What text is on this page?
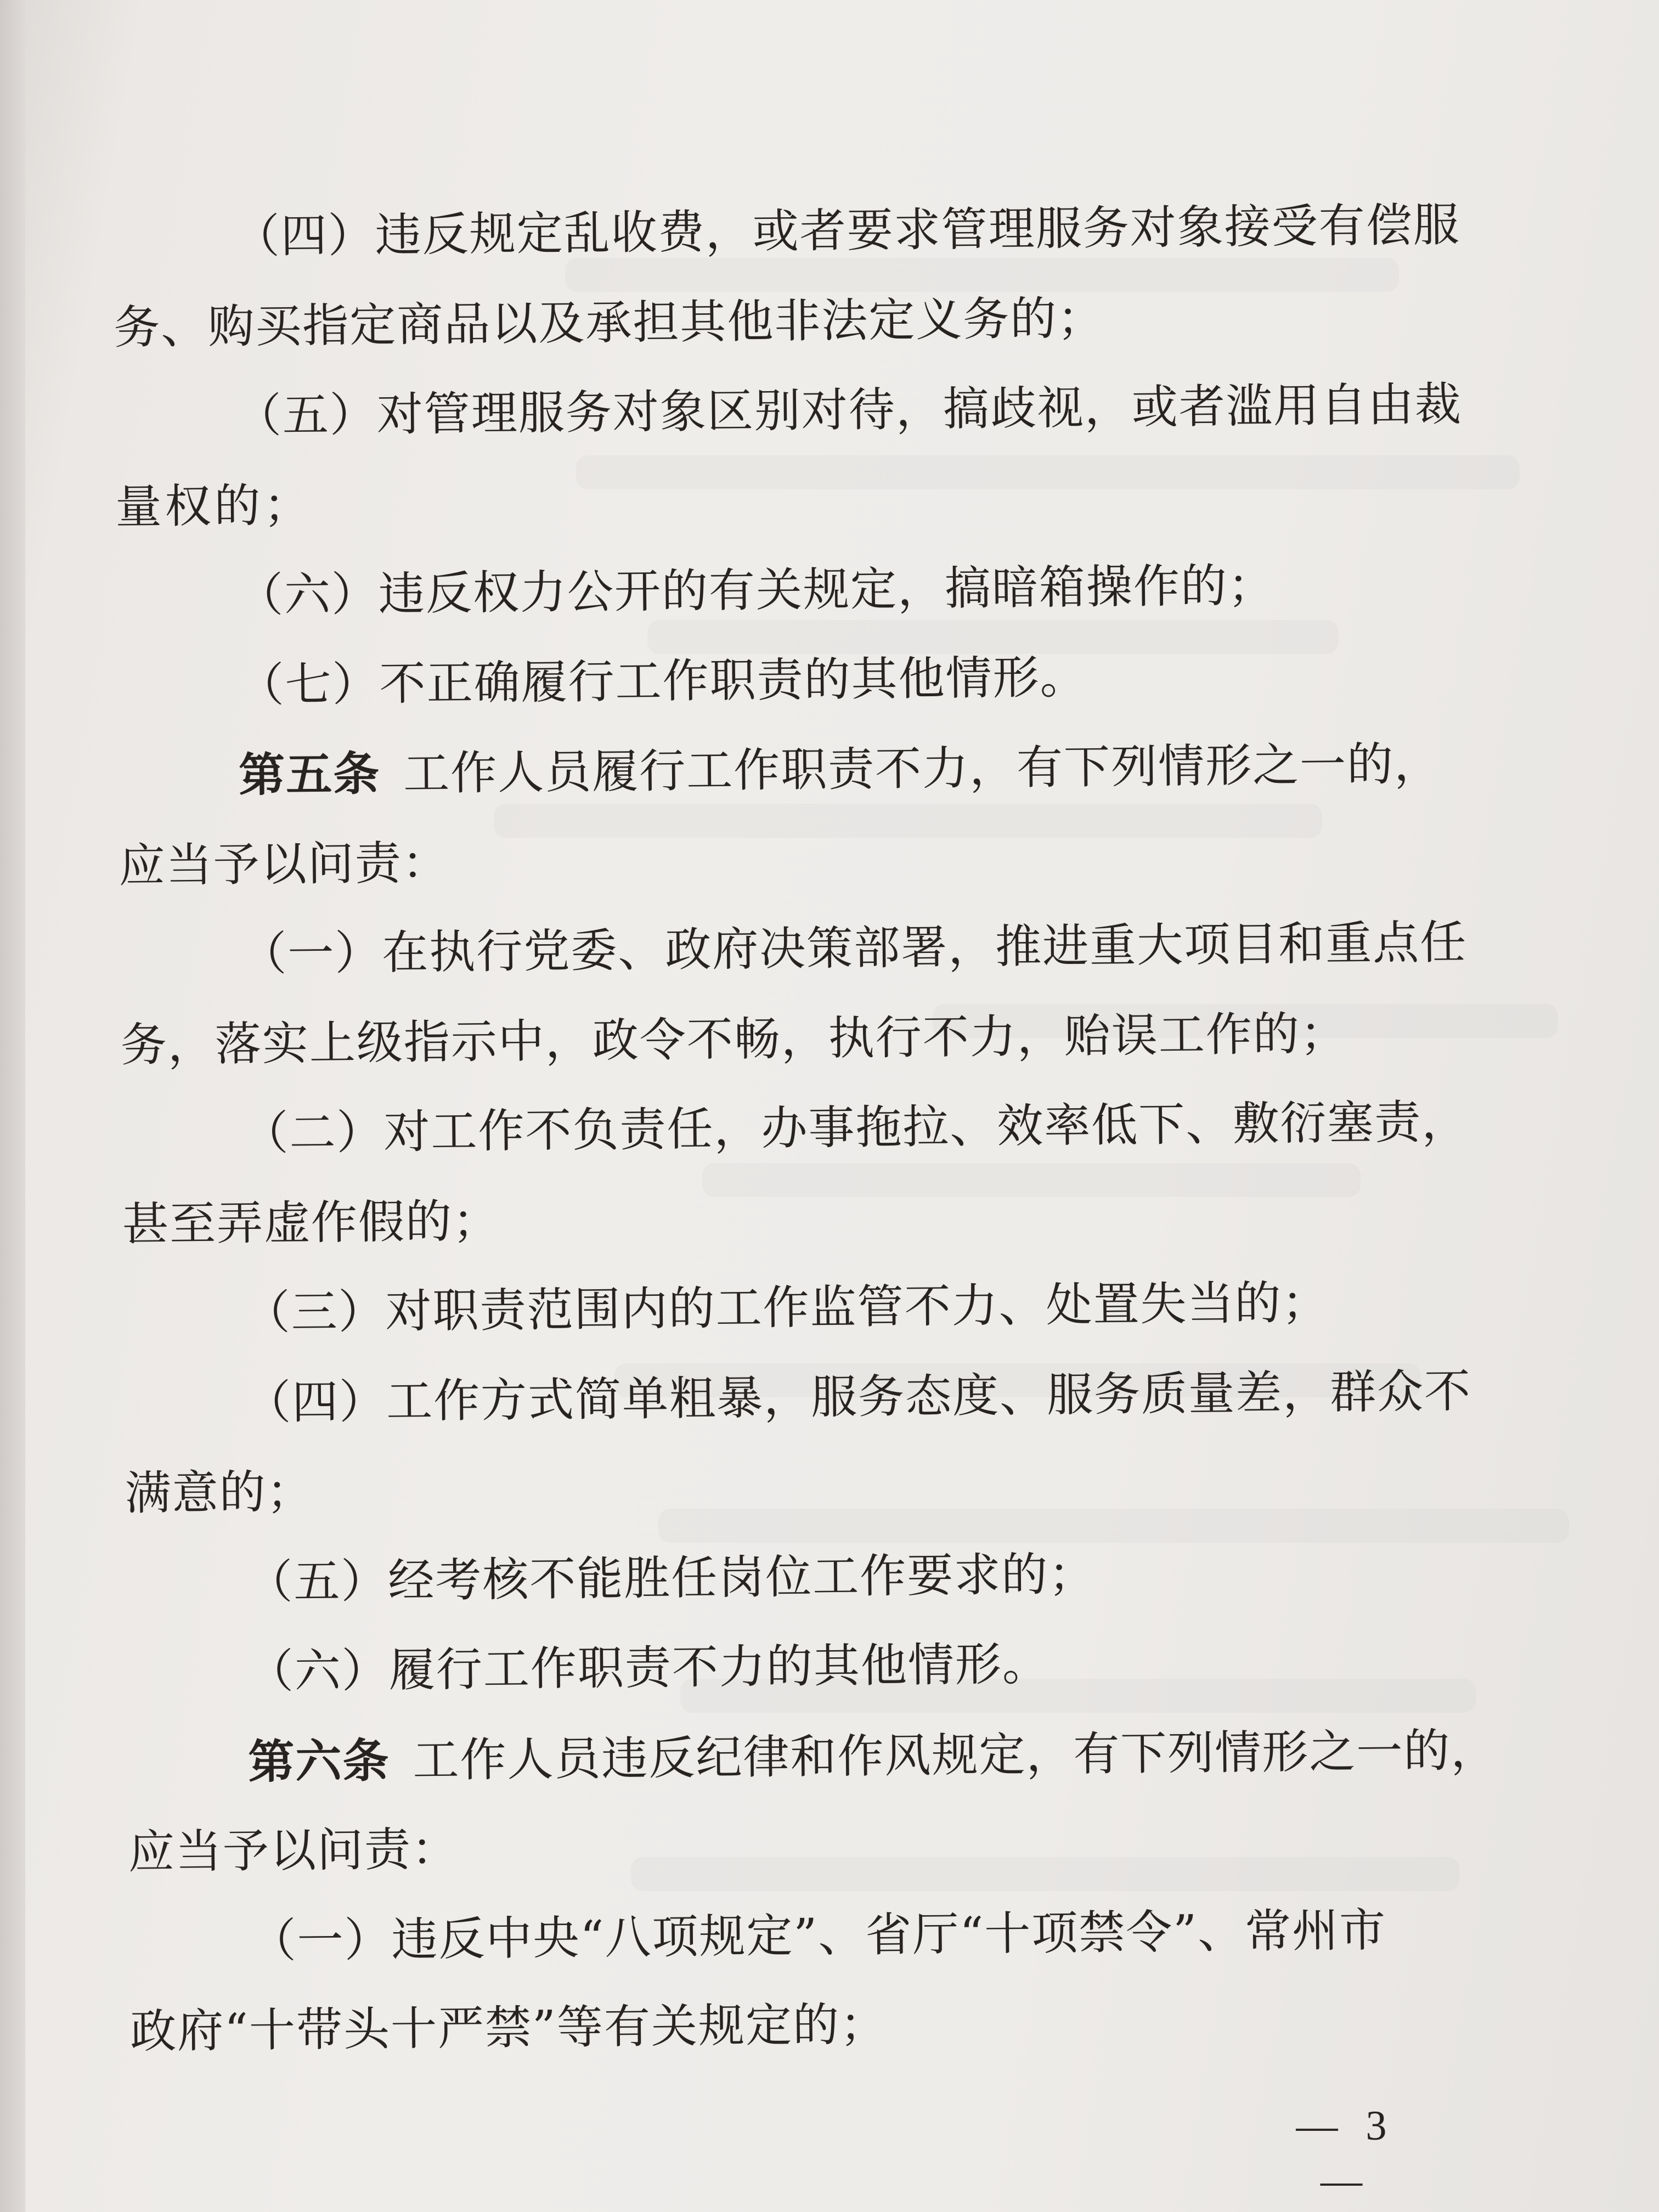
（四）违反规定乱收费，或者要求管理服务对象接受有偿服
务、购买指定商品以及承担其他非法定义务的；
（五）对管理服务对象区别对待，搞歧视，或者滥用自由裁
量权的；
（六）违反权力公开的有关规定，搞暗箱操作的；
（七）不正确履行工作职责的其他情形。
第五条 工作人员履行工作职责不力，有下列情形之一的，
应当予以问责：
（一）在执行党委、政府决策部署，推进重大项目和重点任
务，落实上级指示中，政令不畅，执行不力，贻误工作的；
（二）对工作不负责任，办事拖拉、效率低下、敷衍塞责，
甚至弄虚作假的；
（三）对职责范围内的工作监管不力、处置失当的；
（四）工作方式简单粗暴，服务态度、服务质量差，群众不
满意的；
（五）经考核不能胜任岗位工作要求的；
（六）履行工作职责不力的其他情形。
第六条 工作人员违反纪律和作风规定，有下列情形之一的，
应当予以问责：
（一）违反中央“八项规定”、省厅“十项禁令”、常州市
政府“十带头十严禁”等有关规定的；
— 3 —
